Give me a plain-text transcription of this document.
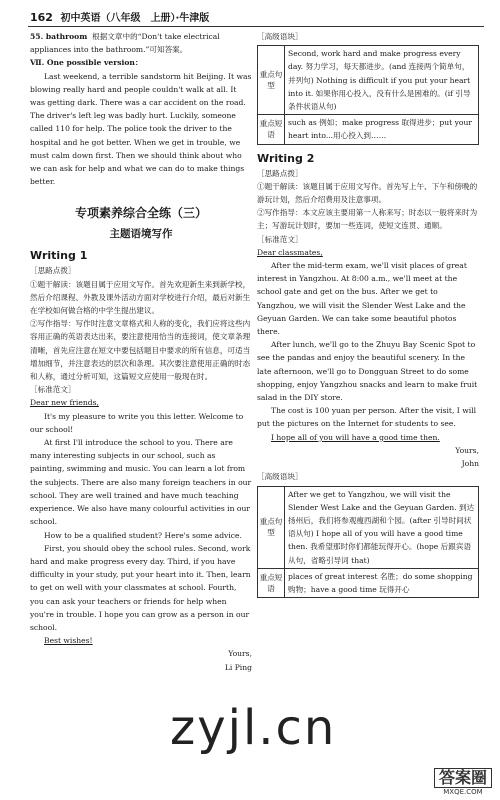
162 初中英语（八年级　上册）·牛津版

55. bathroom 根据文章中的“Don't take electrical appliances into the bathroom.”可知答案。

Ⅶ. One possible version：

Last weekend, a terrible sandstorm hit Beijing. It was blowing really hard and people couldn't walk at all. It was getting dark. There was a car accident on the road. The driver's left leg was badly hurt. Luckily, someone called 110 for help. The police took the driver to the hospital and he got better. When we get in trouble, we must calm down first. Then we should think about who we can ask for help and what we can do to make things better.

专项素养综合全练（三）
主题语境写作
Writing 1
［思路点拨］

①题干解读：该题目属于应用文写作。首先欢迎新生来到新学校，然后介绍课程、外教及课外活动方面对学校进行介绍，最后对新生在学校如何做合格的中学生提出建议。

②写作指导：写作时注意文章格式和人称的变化，我们应将这些内容用正确的英语表达出来，要注意使用恰当的连接词，使文章条理清晰，首先应注意在短文中要包括题目中要求的所有信息，可适当增加细节，并注意表达的层次和条理。其次要注意使用正确的时态和人称，通过分析可知，这篇短文应使用一般现在时。

［标准范文］

Dear new friends,

It's my pleasure to write you this letter. Welcome to our school!

At first I'll introduce the school to you. There are many interesting subjects in our school, such as painting, swimming and music. You can learn a lot from the subjects. There are also many foreign teachers in our school. They are well trained and have much teaching experience. We also have many colourful activities in our school.

How to be a qualified student? Here's some advice.

First, you should obey the school rules. Second, work hard and make progress every day. Third, if you have difficulty in your study, put your heart into it. Then, learn to get on well with your classmates at school. Fourth, you can ask your teachers or friends for help when you're in trouble. I hope you can grow as a person in our school.

Best wishes!

Yours,

Li Ping

［高级语块］
重点句型
Second, work hard and make progress every day. 努力学习，每天都进步。(and 连接两个简单句，并列句) Nothing is difficult if you put your heart into it. 如果你用心投入，没有什么是困难的。(if 引导条件状语从句)
重点短语
such as 例如；make progress 取得进步；put your heart into...用心投入到……
Writing 2
［思路点拨］

①题干解读：该题目属于应用文写作。首先写上午、下午和傍晚的游玩计划，然后介绍费用及注意事项。

②写作指导：本文应该主要用第一人称来写；时态以一般将来时为主；写游玩计划时，要加一些连词，使短文连贯、通顺。

［标准范文］

Dear classmates,

After the mid-term exam, we'll visit places of great interest in Yangzhou. At 8:00 a.m., we'll meet at the school gate and get on the bus. After we get to Yangzhou, we will visit the Slender West Lake and the Geyuan Garden. We can take some beautiful photos there.

After lunch, we'll go to the Zhuyu Bay Scenic Spot to see the pandas and enjoy the beautiful scenery. In the late afternoon, we'll go to Dongguan Street to do some shopping, enjoy Yangzhou snacks and learn to make fruit salad in the DIY store.

The cost is 100 yuan per person. After the visit, I will put the pictures on the Internet for students to see.

I hope all of you will have a good time then.

Yours,

John

［高级语块］
重点句型
After we get to Yangzhou, we will visit the Slender West Lake and the Geyuan Garden. 到达扬州后，我们将参观瘦西湖和个园。(after 引导时间状语从句) I hope all of you will have a good time then. 我希望那时你们都能玩得开心。(hope 后跟宾语从句，省略引导词 that)
重点短语
places of great interest 名胜；do some shopping 购物；have a good time 玩得开心
zyjl.cn
答案圈
MXQE.COM
